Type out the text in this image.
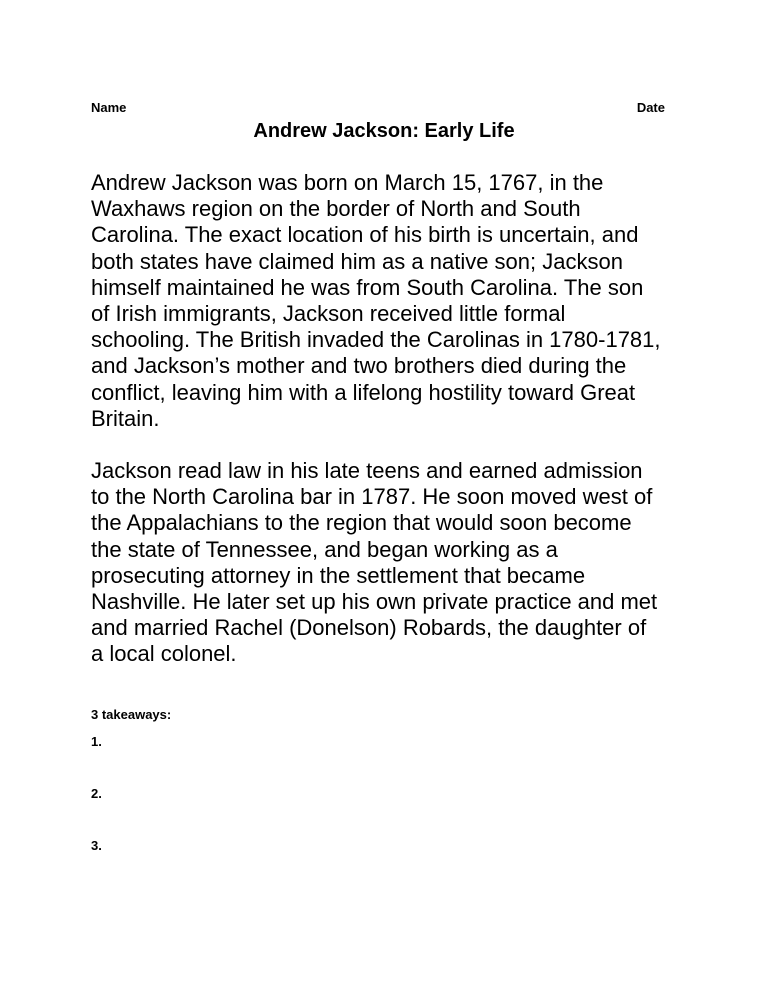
Name	Date
Andrew Jackson: Early Life
Andrew Jackson was born on March 15, 1767, in the
Waxhaws region on the border of North and South
Carolina. The exact location of his birth is uncertain, and
both states have claimed him as a native son; Jackson
himself maintained he was from South Carolina. The son
of Irish immigrants, Jackson received little formal
schooling. The British invaded the Carolinas in 1780-1781,
and Jackson’s mother and two brothers died during the
conflict, leaving him with a lifelong hostility toward Great
Britain.
Jackson read law in his late teens and earned admission
to the North Carolina bar in 1787. He soon moved west of
the Appalachians to the region that would soon become
the state of Tennessee, and began working as a
prosecuting attorney in the settlement that became
Nashville. He later set up his own private practice and met
and married Rachel (Donelson) Robards, the daughter of
a local colonel.
3 takeaways:
1.
2.
3.
